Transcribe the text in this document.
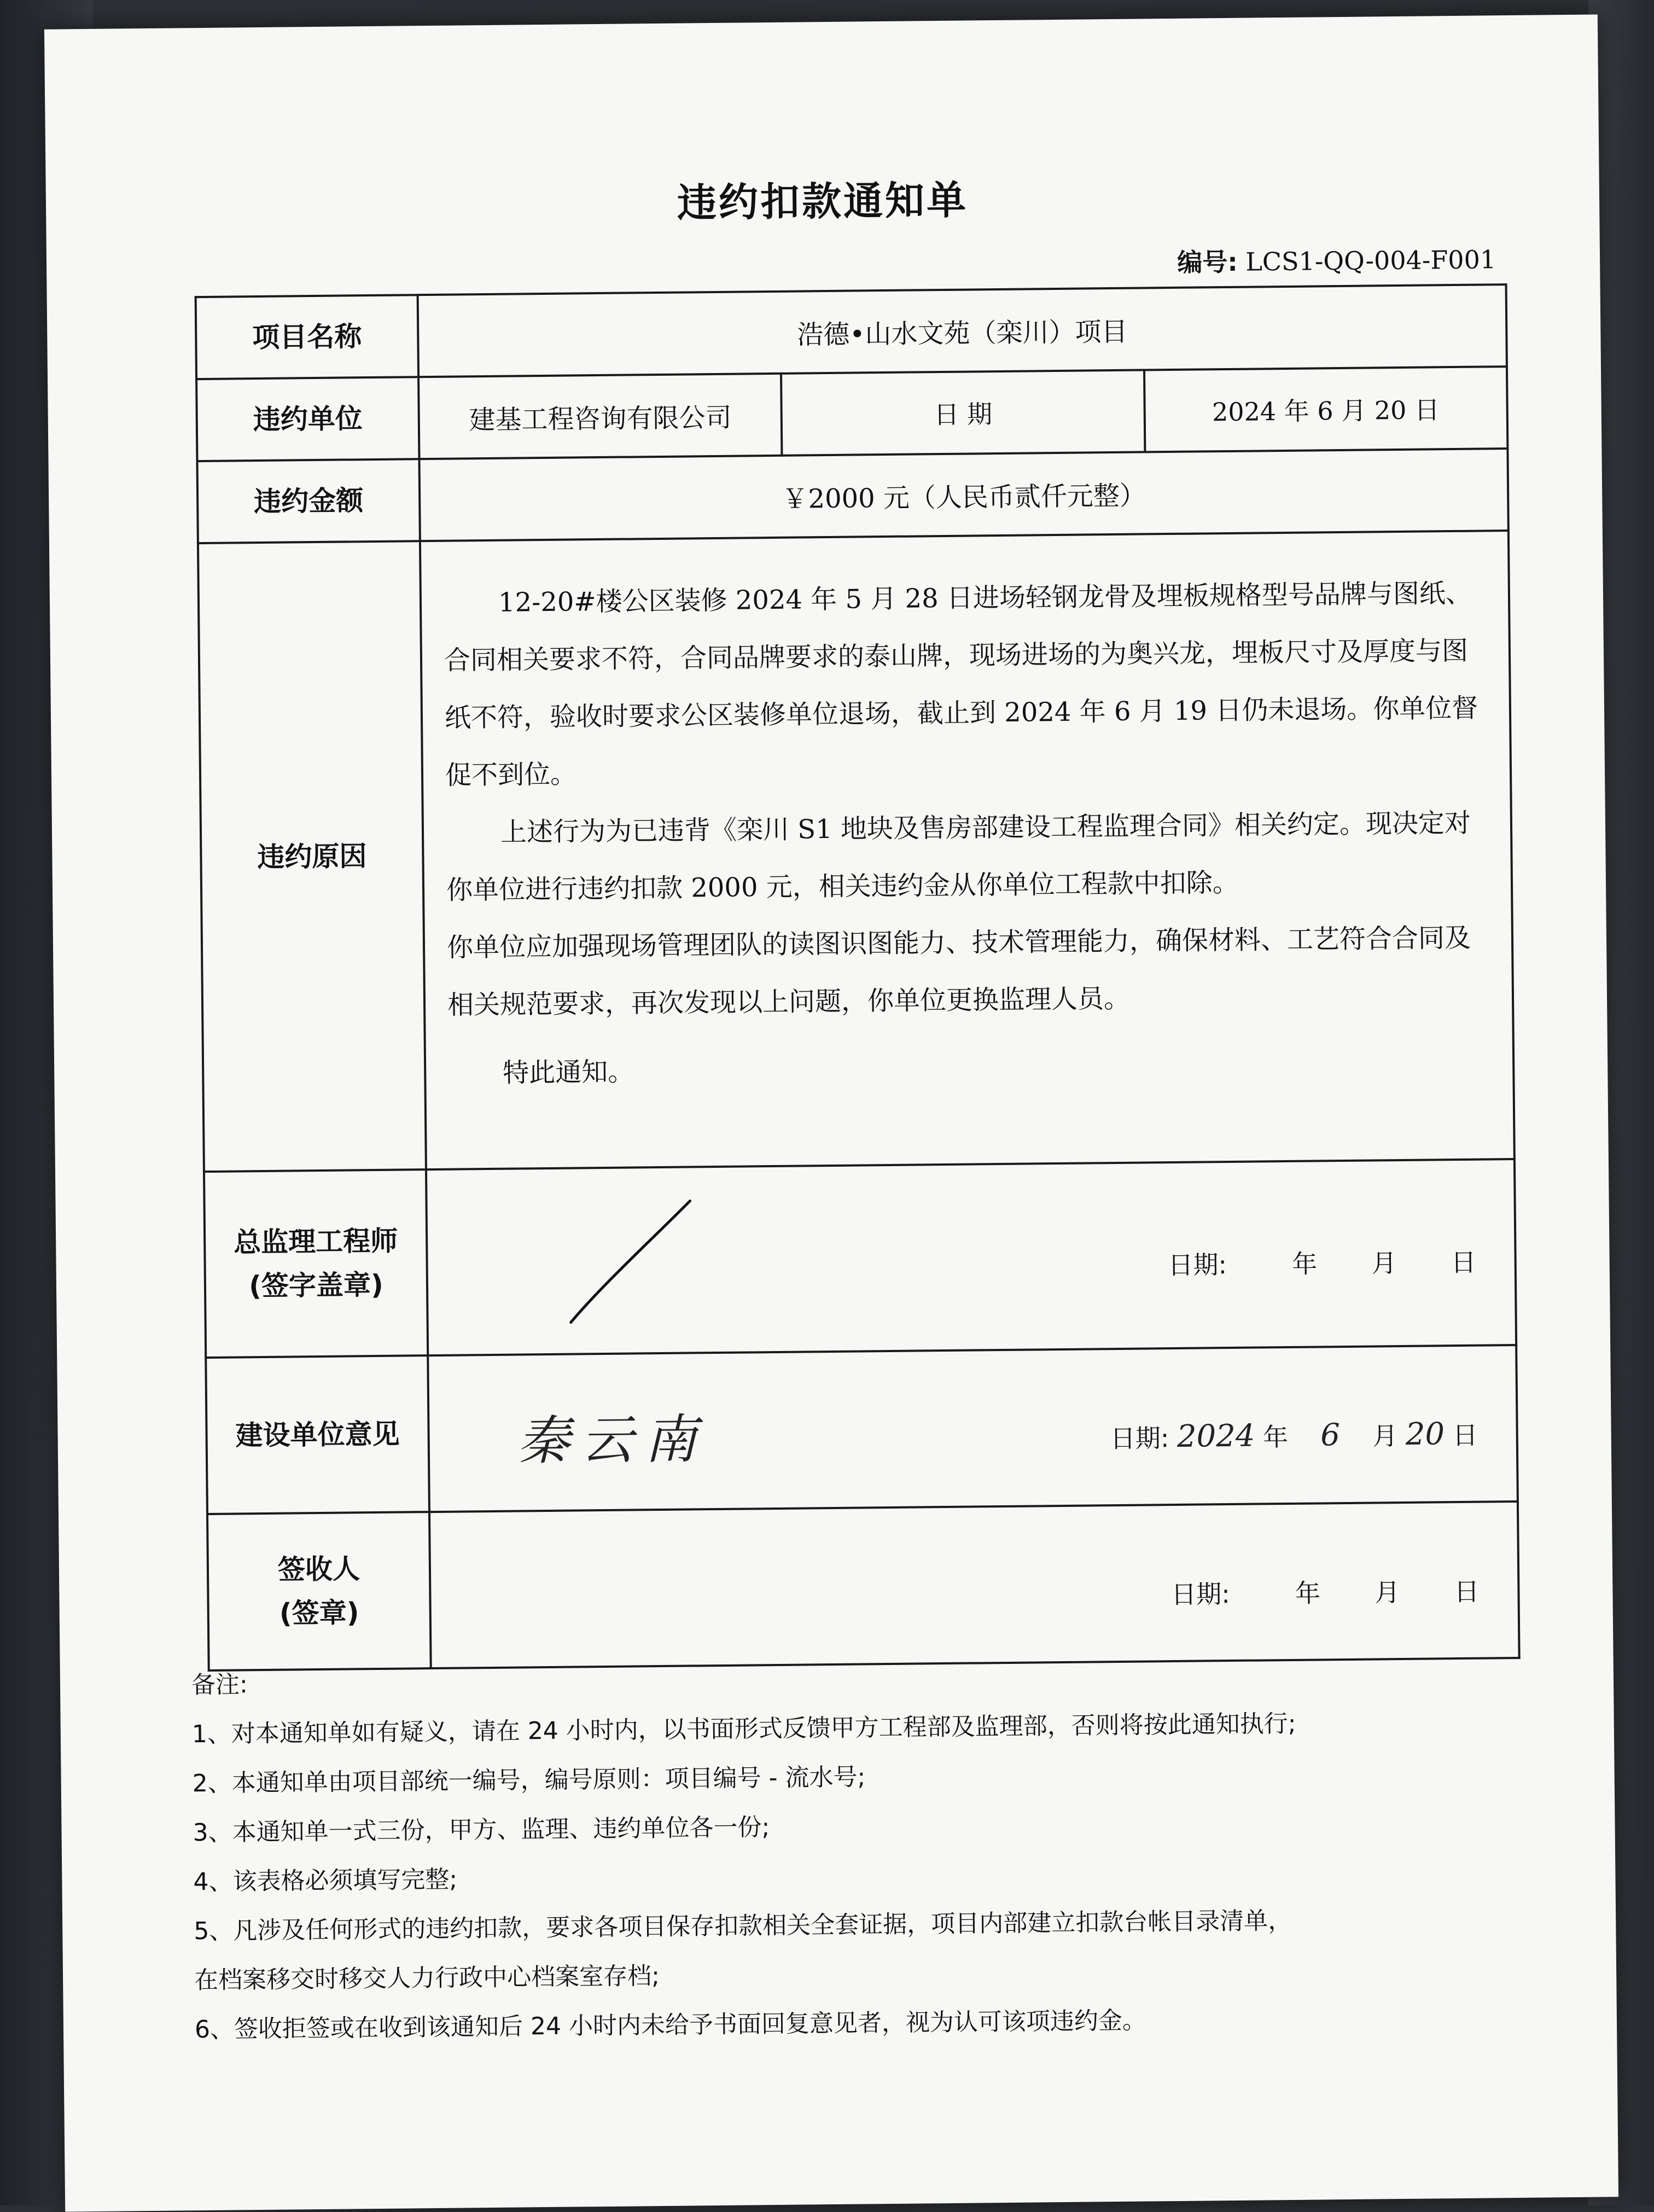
违约扣款通知单
编号: LCS1-QQ-004-F001
项目名称	浩德•山水文苑（栾川）项目		
违约单位	建基工程咨询有限公司	日 期	2024 年 6 月 20 日
违约金额	￥2000 元（人民币贰仟元整）		
违约原因	12-20#楼公区装修 2024 年 5 月 28 日进场轻钢龙骨及埋板规格型号品牌与图纸、合同相关要求不符，合同品牌要求的泰山牌，现场进场的为奥兴龙，埋板尺寸及厚度与图纸不符，验收时要求公区装修单位退场，截止到 2024 年 6 月 19 日仍未退场。你单位督促不到位。

上述行为为已违背《栾川 S1 地块及售房部建设工程监理合同》相关约定。现决定对你单位进行违约扣款 2000 元，相关违约金从你单位工程款中扣除。

你单位应加强现场管理团队的读图识图能力、技术管理能力，确保材料、工艺符合合同及相关规范要求，再次发现以上问题，你单位更换监理人员。

特此通知。		

总监理工程师
(签字盖章)	日期: 年 月 日		

建设单位意见	秦云南 日期: 2024 年 6 月 20 日		

签收人
(签章)	日期: 年 月 日		
备注:
1、对本通知单如有疑义，请在 24 小时内，以书面形式反馈甲方工程部及监理部，否则将按此通知执行;
2、本通知单由项目部统一编号，编号原则：项目编号 - 流水号;
3、本通知单一式三份，甲方、监理、违约单位各一份;
4、该表格必须填写完整;
5、凡涉及任何形式的违约扣款，要求各项目保存扣款相关全套证据，项目内部建立扣款台帐目录清单，
在档案移交时移交人力行政中心档案室存档;
6、签收拒签或在收到该通知后 24 小时内未给予书面回复意见者，视为认可该项违约金。
